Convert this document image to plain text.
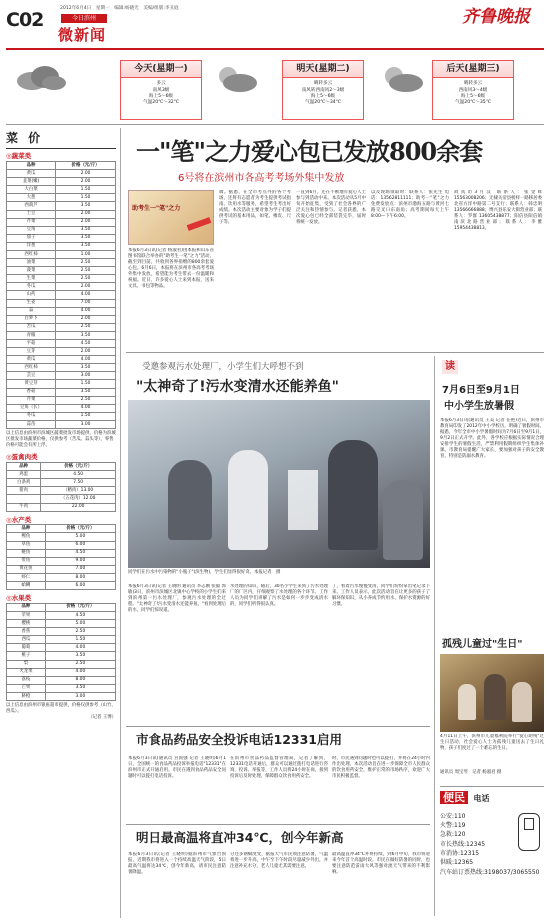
C02
2012年6月4日　星期一　编辑:杨晓光　美编/组版:李丑庭
今日滨州
微新闻
齐鲁晚报
今天(星期一)
多云
南风3级
海上5～6级
气温20℃～32℃
明天(星期二)
晴转多云
南风转西南风2～3级
海上5～6级
气温20℃～34℃
后天(星期三)
晴转多云
西南风3～4级
海上5～6级
气温20℃～35℃
菜 价
◎蔬菜类
品种	价格（元/斤）
黄瓜	2.00
韭菜(嫩)	2.00
大白菜	1.50
大葱	1.50
西葫芦	3.50
土豆	2.00
芹菜	2.00
豆角	3.50
茄子	3.50
洋葱	3.50
西红柿	1.00
油菜	2.50
菠菜	2.50
生菜	2.50
冬瓜	2.00
山药	4.00
生姜	7.00
蒜	4.00
白萝卜	2.00
苦瓜	2.50
青椒	3.50
平菇	4.50
豆芽	2.00
黄瓜	4.00
西红柿	3.50
芸豆	3.00
黄豆芽	1.50
香菇	3.50
芹菜	2.50
豆角（长）	4.00
冬瓜	1.50
蒜苗	3.00
以上信息由滨州市滨城区蔬菜批发市场提供，价格为滨城区批发市场蔬菜价格，仅供参考（苦瓜、蒜头等），零售价格可能会有所上浮。
◎蛋禽肉类
品种	价格（元/斤）
鸡蛋	4.50
白条鸡	7.50
猪肉	（精肉）13.00
	（五花肉）12.00
牛肉	22.00
◎水产类
品种	价格（元/斤）
鲤鱼	5.00
草鱼	6.00
鲢鱼	4.50
带鱼	9.00
黄花鱼	7.00
虾仁	8.00
蛤蜊	6.00
◎水果类
品种	价格（元/斤）
苹果	4.50
樱桃	5.00
香蕉	2.50
西瓜	1.50
葡萄	4.00
桃子	3.50
梨	2.50
火龙果	4.00
荔枝	8.00
芒果	3.50
脐橙	3.00
以上信息由滨州市银座超市提供，价格仅供参考（山竹、西瓜）。
（记者 王博）
一"笔"之力爱心包已发放800余套
6号将在滨州市各高考考场外集中发放
助考生一"笔"之力
本报6月3日讯(记者 杨淑君)由本报和山东省图书馆联合举办的"助考生一笔"之力"活动，截至到目前，共收到各界捐赠的800余套爱心包。6月6日，本报将在滨州市各高考考场外集中发放，希望能为考生带去一份温暖和祝福。近日，许多爱心人士来到本报，送来文具、书包等物品。
端。据悉，在全市考点外的各个考场，还将有志愿者为考生提供考试指南、饮用水等服务，希望考生考出好成绩。本次活动主要对象为学子们提供考试的基本用品，如笔、橡皮、尺子等。
一直到6月，还在不断地有爱心人士参与到活动中来。本次活动从5月中旬开始征集，受到了社会各界的广泛关注和热情参与。记者获悉，本次爱心包已经全部装袋完毕，届时将统一发放。
以及现场领取时：联系人：张先生 电话：13562811111；助考一"笔"之力免费发放点：滨州市渤海五路与黄河七路交叉口东南角；高考期间每天上午8:00—下午6:00。
故真访3月汉 联系人：张金辉 15563008206；无棣关帝县榜样一路移居委北省方洋中路第二号支行；联系人：韩忠明 13566666888；博兴县乐安大街营业部；联系人：罗群 13605438877；阳信县阳信镇南滨北路营业部；联系人：李雅 15954438813。
受邀参观污水处理厂，小学生们大呼想不到
"太神奇了!污水变清水还能养鱼"
同学们在污水中污染物的"小瓶子"(滨生物)，学生们显得很好奇。本报记者　摄
本报6月3日讯(记者 王晓明 通讯员 李志刚 张毅 郭敏)3日，滨州市滨城区北镇中心学校的小学生们来到滨州第一污水处理厂，参观污水处理的全过程。"太神奇了!污水变清水还能养鱼。"看到处理后的水，同学们惊叹道。
水处理的知识，随后，30名小学生来到了污水处理厂的厂区内，仔细观察了水处理的各个环节。工作人员为同学们讲解了污水是如何一步步变成清水的，同学们听得很认真。
了，看着污水慢慢变清，同学们纷纷拿出笔记录下来。工作人员表示，此次活动旨在让更多的孩子了解环保知识，从小养成节约用水、保护水资源的好习惯。
读
7月6日至9月1日
中小学生放暑假
本报6月3日讯(通讯员 王美 记者 任艳)近日，滨州市教育局印发了2012年中小学校历，明确了暑假时间。据悉，今年全市中小学暑假时间为7月6日至9月1日，9月2日正式开学。此外，各学校应根据实际情况合理安排学生的暑假生活，严禁利用假期组织学生集体补课。市教育局提醒广大家长，要加强对孩子的安全教育，特别是防溺水教育。
孤残儿童过"生日"
4月11日上午，滨州市儿童福利院举行"爱心助残"过生日活动，社会爱心人士为孤残儿童送去了生日礼物，孩子们度过了一个难忘的生日。
通讯员 周宝琴　记者 杨淑君 摄
便民 电话
公安:110
火警:119
急救:120
市长热线:12345
市消协:12315
供暖:12365
汽车站订票热线:3198037/3065550
市食品药品安全投诉电话12331启用
本报6月3日讯(通讯员 宫国强 记者 王晓明)6月1日，全国统一的食品药品投诉举报电话"12331"在滨州市正式开通启用。市民在遇到食品药品安全问题时可以拨打电话投诉。
在滨州市食品药品监督管理局，记者了解到，12331电话开通后，群众可以通过拨打电话进行咨询、投诉、举报等，工作人员将24小时在岗，接到投诉后及时处理，保障群众饮食用药安全。
时，市民遇到问题时也可以拨打，并将在24小时内作出处理，本次活动旨在进一步保障全市人民群众的饮食用药安全，维护正常的市场秩序，欢迎广大市民积极监督。
明日最高温将直冲34℃，创今年新高
本报6月3日讯(记者 王晓明)据滨州市气象台预报，近期我市将进入一个持续高温天气阶段，5日最高气温将达34℃，创今年新高，请市民注意防暑降温。
分还多钢赋度变，据报天气市民须注意防暑，气温将进一步升高，中午至下午时段尽量减少外出，并注意补充水分，老人儿童尤其需要注意。
最高温直冲34℃并将持续，到6月中旬，我市将迎来今年首个高温时段。市民在做好防暑的同时，也要注意防范雷雨大风等强对流天气带来的不利影响。
